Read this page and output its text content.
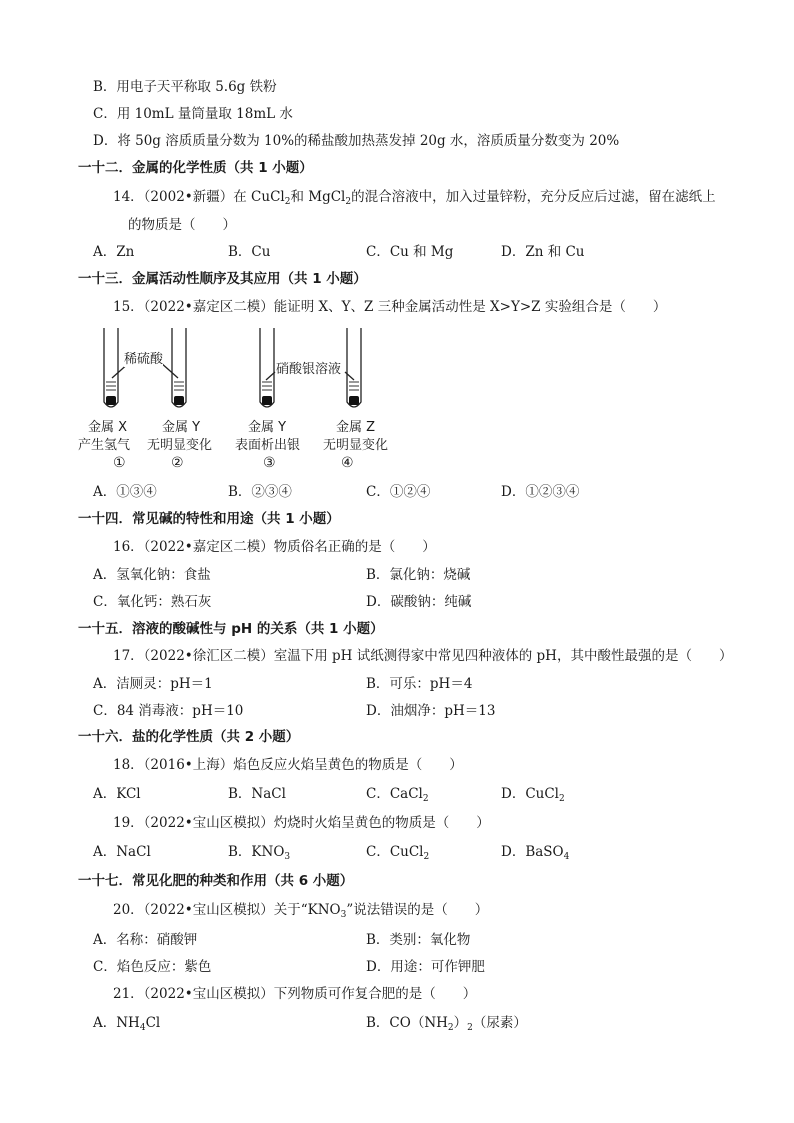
B．用电子天平称取 5.6g 铁粉
C．用 10mL 量筒量取 18mL 水
D．将 50g 溶质质量分数为 10%的稀盐酸加热蒸发掉 20g 水，溶质质量分数变为 20%
一十二．金属的化学性质（共 1 小题）
14．（2002•新疆）在 CuCl$_2$和 MgCl$_2$的混合溶液中，加入过量锌粉，充分反应后过滤，留在滤纸上
的物质是（　　）
A．Zn	B．Cu	C．Cu 和 Mg	D．Zn 和 Cu
一十三．金属活动性顺序及其应用（共 1 小题）
15．（2022•嘉定区二模）能证明 X、Y、Z 三种金属活动性是 X>Y>Z 实验组合是（　　）
稀硫酸
硝酸银溶液
金属 X
产生氢气
①
金属 Y
无明显变化
②
金属 Y
表面析出银
③
金属 Z
无明显变化
④
A．①③④	B．②③④	C．①②④	D．①②③④
一十四．常见碱的特性和用途（共 1 小题）
16．（2022•嘉定区二模）物质俗名正确的是（　　）
A．氢氧化钠：食盐	B．氯化钠：烧碱
C．氧化钙：熟石灰	D．碳酸钠：纯碱
一十五．溶液的酸碱性与 pH 的关系（共 1 小题）
17．（2022•徐汇区二模）室温下用 pH 试纸测得家中常见四种液体的 pH，其中酸性最强的是（　　）
A．洁厕灵：pH＝1	B．可乐：pH＝4
C．84 消毒液：pH＝10	D．油烟净：pH＝13
一十六．盐的化学性质（共 2 小题）
18．（2016•上海）焰色反应火焰呈黄色的物质是（　　）
A．KCl	B．NaCl	C．CaCl$_2$	D．CuCl$_2$
19．（2022•宝山区模拟）灼烧时火焰呈黄色的物质是（　　）
A．NaCl	B．$KNO_3$	C．CuCl$_2$	D．BaSO$_4$
一十七．常见化肥的种类和作用（共 6 小题）
20．（2022•宝山区模拟）关于“$KNO_3$”说法错误的是（　　）
A．名称：硝酸钾	B．类别：氧化物
C．焰色反应：紫色	D．用途：可作钾肥
21．（2022•宝山区模拟）下列物质可作复合肥的是（　　）
A．$NH_4Cl$	B．$CO(NH_2)_2$（尿素）
